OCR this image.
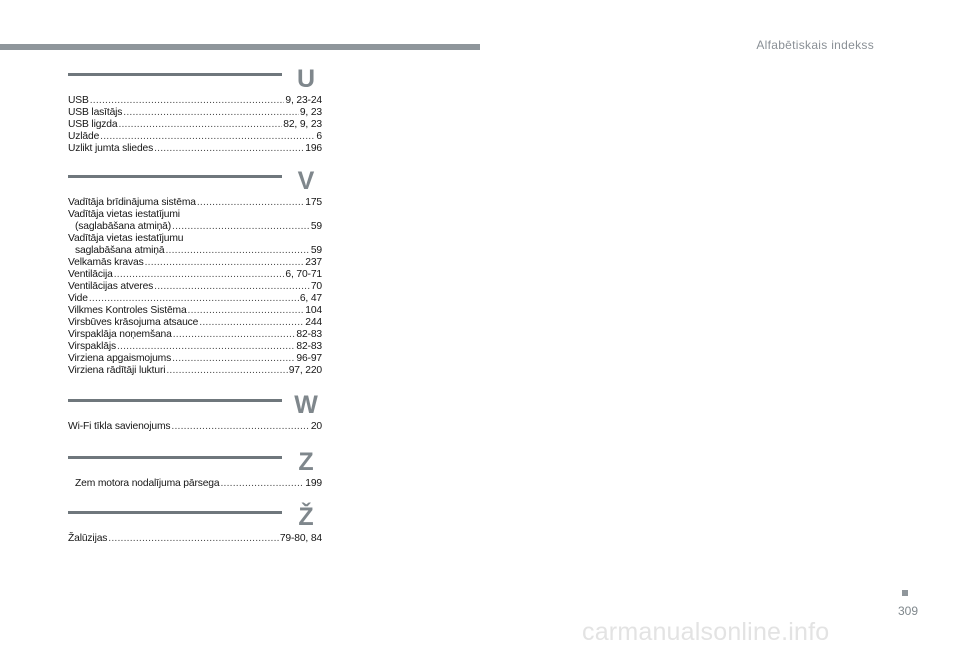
Alfabētiskais indekss
U
USB .....	9, 23-24
USB lasītājs .....	9, 23
USB ligzda .....	82, 9, 23
Uzlāde .....	6
Uzlikt jumta sliedes .....	196
V
Vadītāja brīdinājuma sistēma .....	175
Vadītāja vietas iestatījumi
(saglabāšana atmiņā) .....	59
Vadītāja vietas iestatījumu
saglabāšana atmiņā .....	59
Velkamās kravas .....	237
Ventilācija .....	6, 70-71
Ventilācijas atveres .....	70
Vide .....	6, 47
Vilkmes Kontroles Sistēma .....	104
Virsbūves krāsojuma atsauce .....	244
Virspaklāja noņemšana .....	82-83
Virspaklājs .....	82-83
Virziena apgaismojums .....	96-97
Virziena rādītāji lukturi .....	97, 220
W
Wi-Fi tīkla savienojums .....	20
Z
Zem motora nodalījuma pārsega .....	199
Ž
Žalūzijas .....	79-80, 84
309
carmanualsonline.info
